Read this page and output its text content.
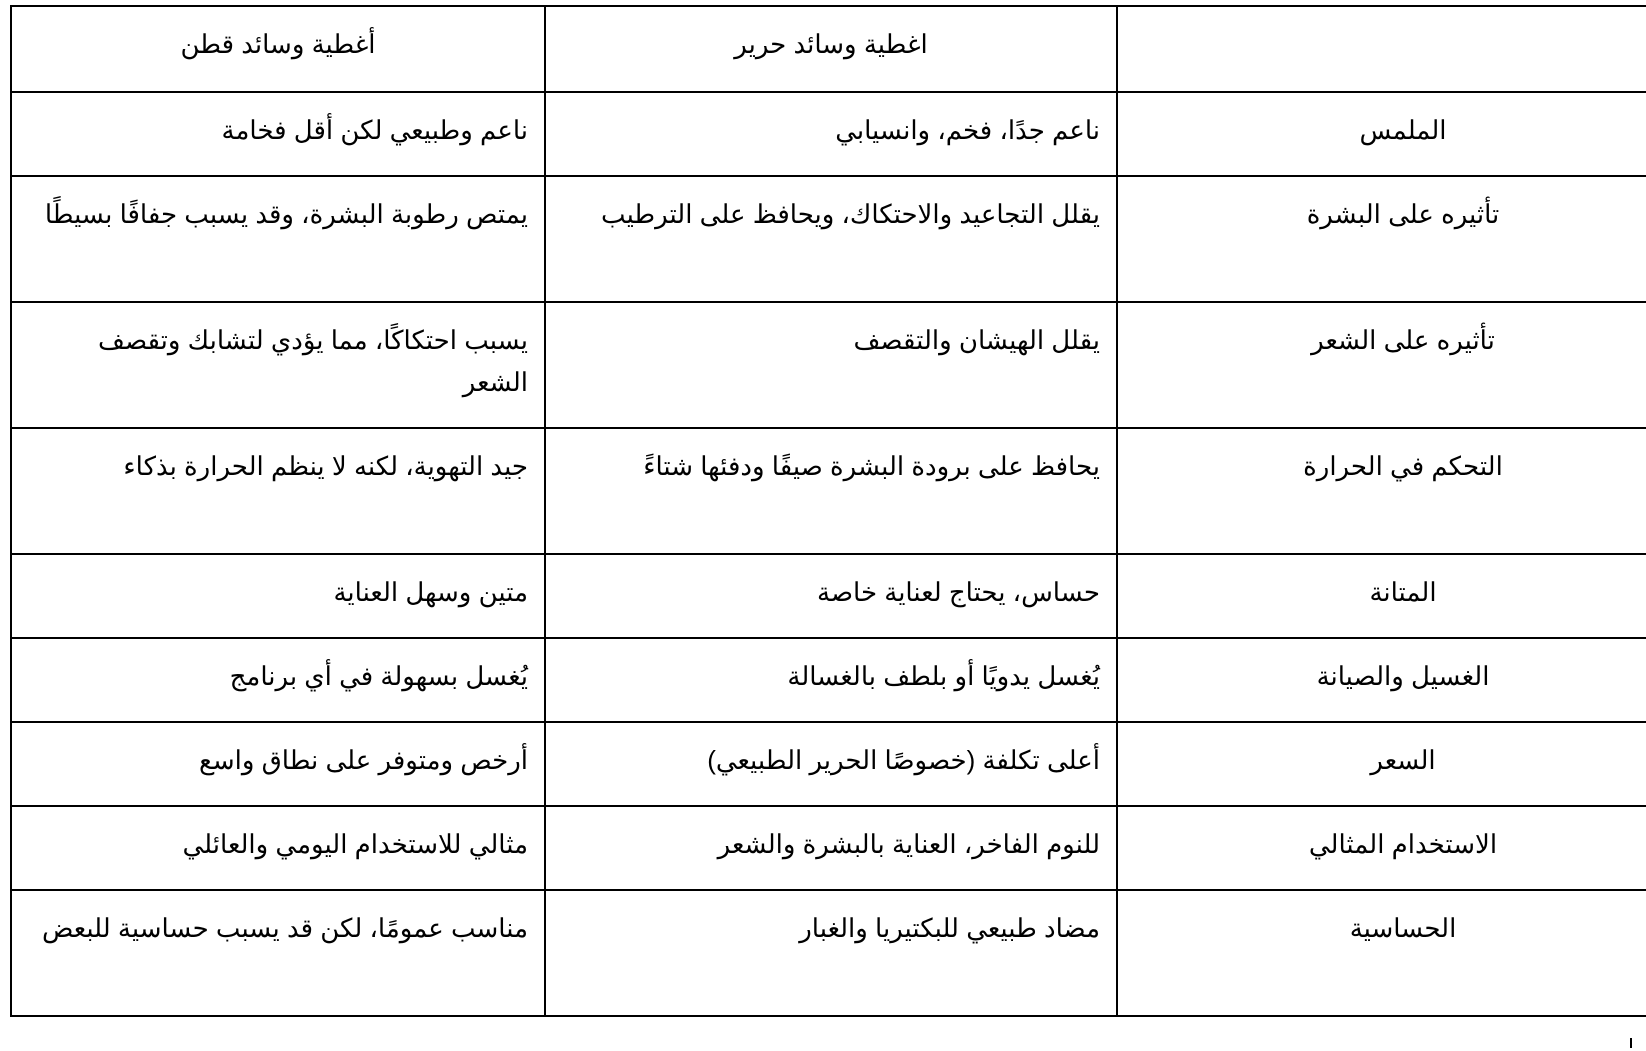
	اغطية وسائد حرير	أغطية وسائد قطن
الملمس	ناعم جدًا، فخم، وانسيابي	ناعم وطبيعي لكن أقل فخامة
تأثيره على البشرة	يقلل التجاعيد والاحتكاك، ويحافظ على الترطيب	يمتص رطوبة البشرة، وقد يسبب جفافًا بسيطًا
تأثيره على الشعر	يقلل الهيشان والتقصف	يسبب احتكاكًا، مما يؤدي لتشابك وتقصف الشعر
التحكم في الحرارة	يحافظ على برودة البشرة صيفًا ودفئها شتاءً	جيد التهوية، لكنه لا ينظم الحرارة بذكاء
المتانة	حساس، يحتاج لعناية خاصة	متين وسهل العناية
الغسيل والصيانة	يُغسل يدويًا أو بلطف بالغسالة	يُغسل بسهولة في أي برنامج
السعر	أعلى تكلفة (خصوصًا الحرير الطبيعي)	أرخص ومتوفر على نطاق واسع
الاستخدام المثالي	للنوم الفاخر، العناية بالبشرة والشعر	مثالي للاستخدام اليومي والعائلي
الحساسية	مضاد طبيعي للبكتيريا والغبار	مناسب عمومًا، لكن قد يسبب حساسية للبعض
